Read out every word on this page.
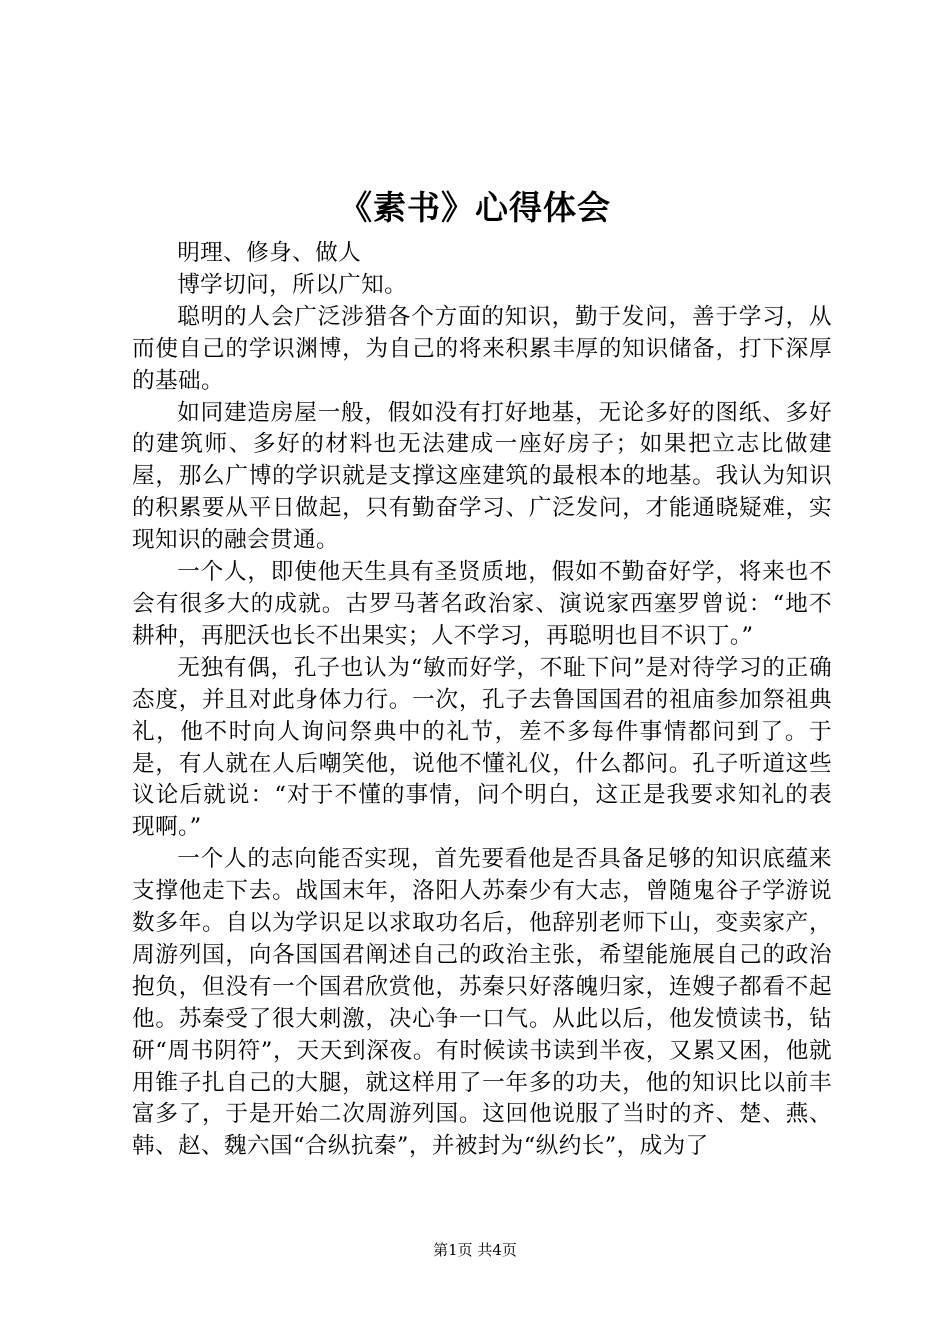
《素书》心得体会

明理、修身、做人

博学切问，所以广知。

聪明的人会广泛涉猎各个方面的知识，勤于发问，善于学习，从而使自己的学识渊博，为自己的将来积累丰厚的知识储备，打下深厚的基础。

如同建造房屋一般，假如没有打好地基，无论多好的图纸、多好的建筑师、多好的材料也无法建成一座好房子；如果把立志比做建屋，那么广博的学识就是支撑这座建筑的最根本的地基。我认为知识的积累要从平日做起，只有勤奋学习、广泛发问，才能通晓疑难，实现知识的融会贯通。

一个人，即使他天生具有圣贤质地，假如不勤奋好学，将来也不会有很多大的成就。古罗马著名政治家、演说家西塞罗曾说：“地不耕种，再肥沃也长不出果实；人不学习，再聪明也目不识丁。”

无独有偶，孔子也认为“敏而好学，不耻下问”是对待学习的正确态度，并且对此身体力行。一次，孔子去鲁国国君的祖庙参加祭祖典礼，他不时向人询问祭典中的礼节，差不多每件事情都问到了。于是，有人就在人后嘲笑他，说他不懂礼仪，什么都问。孔子听道这些议论后就说：“对于不懂的事情，问个明白，这正是我要求知礼的表现啊。”

一个人的志向能否实现，首先要看他是否具备足够的知识底蕴来支撑他走下去。战国末年，洛阳人苏秦少有大志，曾随鬼谷子学游说数多年。自以为学识足以求取功名后，他辞别老师下山，变卖家产，周游列国，向各国国君阐述自己的政治主张，希望能施展自己的政治抱负，但没有一个国君欣赏他，苏秦只好落魄归家，连嫂子都看不起他。苏秦受了很大刺激，决心争一口气。从此以后，他发愤读书，钻研“周书阴符”，天天到深夜。有时候读书读到半夜，又累又困，他就用锥子扎自己的大腿，就这样用了一年多的功夫，他的知识比以前丰富多了，于是开始二次周游列国。这回他说服了当时的齐、楚、燕、韩、赵、魏六国“合纵抗秦”，并被封为“纵约长”，成为了

第1页 共4页
